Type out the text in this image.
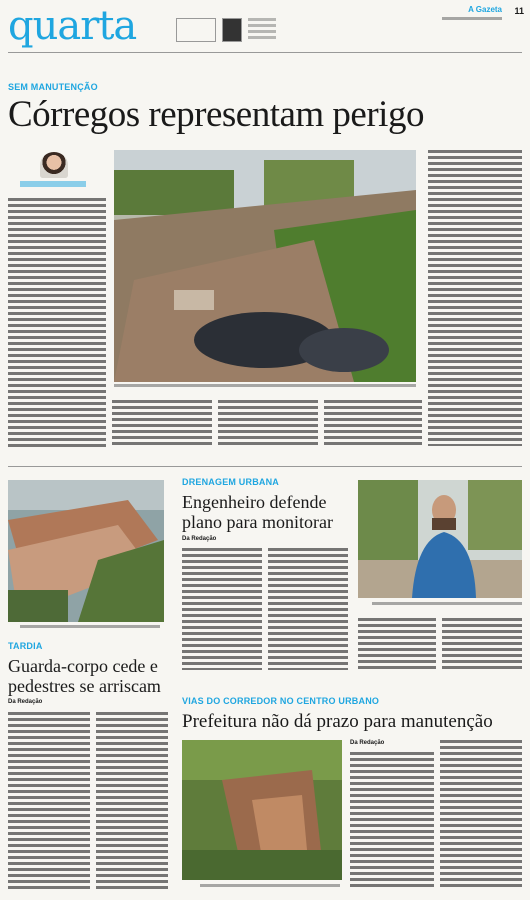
quarta	A Gazeta 11
SEM MANUTENÇÃO
Córregos representam perigo
TARDIA
Guarda-corpo cede e
pedestres se arriscam
Da Redação
DRENAGEM URBANA
Engenheiro defende
plano para monitorar
Da Redação
VIAS DO CORREDOR NO CENTRO URBANO
Prefeitura não dá prazo para manutenção
Da Redação
